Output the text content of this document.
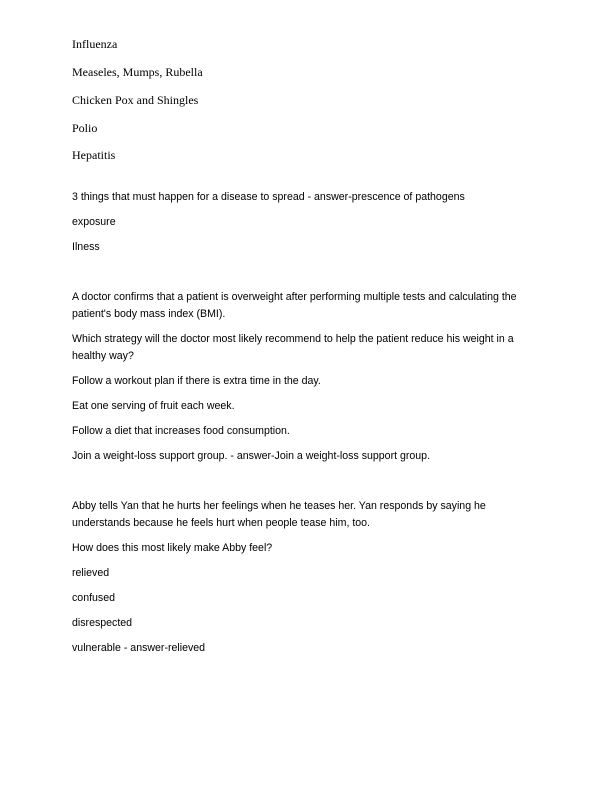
Influenza
Measeles, Mumps, Rubella
Chicken Pox and Shingles
Polio
Hepatitis
3 things that must happen for a disease to spread - answer-prescence of pathogens
exposure
Ilness
A doctor confirms that a patient is overweight after performing multiple tests and calculating the patient's body mass index (BMI).
Which strategy will the doctor most likely recommend to help the patient reduce his weight in a healthy way?
Follow a workout plan if there is extra time in the day.
Eat one serving of fruit each week.
Follow a diet that increases food consumption.
Join a weight-loss support group. - answer-Join a weight-loss support group.
Abby tells Yan that he hurts her feelings when he teases her. Yan responds by saying he understands because he feels hurt when people tease him, too.
How does this most likely make Abby feel?
relieved
confused
disrespected
vulnerable - answer-relieved
